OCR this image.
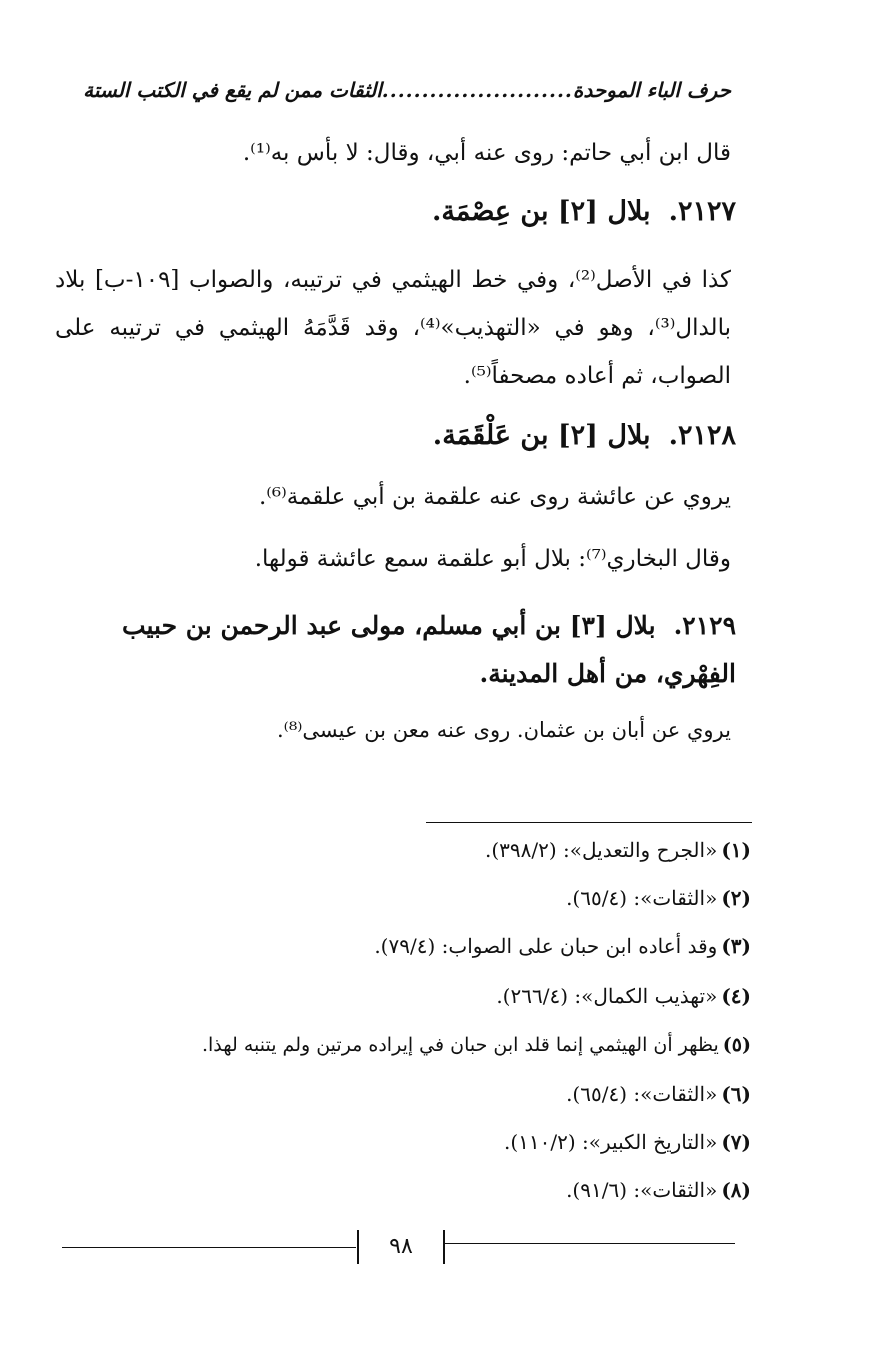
حرف الباء الموحدة
........................
الثقات ممن لم يقع في الكتب الستة
قال ابن أبي حاتم: روى عنه أبي، وقال: لا بأس به⁽¹⁾.
٢١٢٧.بلال [٢] بن عِصْمَة.
كذا في الأصل⁽²⁾، وفي خط الهيثمي في ترتيبه، والصواب [١٠٩-ب] بلاد بالدال⁽³⁾، وهو في «التهذيب»⁽⁴⁾، وقد قَدَّمَهُ الهيثمي في ترتيبه على الصواب، ثم أعاده مصحفاً⁽⁵⁾.
٢١٢٨.بلال [٢] بن عَلْقَمَة.
يروي عن عائشة روى عنه علقمة بن أبي علقمة⁽⁶⁾.
وقال البخاري⁽⁷⁾: بلال أبو علقمة سمع عائشة قولها.
٢١٢٩.بلال [٣] بن أبي مسلم، مولى عبد الرحمن بن حبيب الفِهْري، من أهل المدينة.
يروي عن أبان بن عثمان. روى عنه معن بن عيسى⁽⁸⁾.
(١)«الجرح والتعديل»: (٣٩٨/٢).
(٢)«الثقات»: (٦٥/٤).
(٣)وقد أعاده ابن حبان على الصواب: (٧٩/٤).
(٤)«تهذيب الكمال»: (٢٦٦/٤).
(٥)يظهر أن الهيثمي إنما قلد ابن حبان في إيراده مرتين ولم يتنبه لهذا.
(٦)«الثقات»: (٦٥/٤).
(٧)«التاريخ الكبير»: (١١٠/٢).
(٨)«الثقات»: (٩١/٦).
٩٨
